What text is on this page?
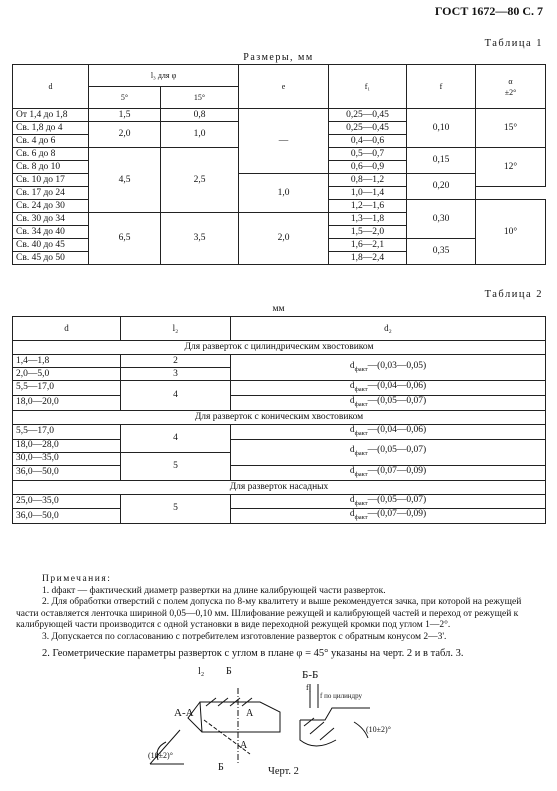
ГОСТ 1672—80 С. 7
Таблица 1
Размеры, мм
d	l₃ для φ		e	f₁	f	α
±2°
	5°	15°				
От 1,4 до 1,8	1,5	0,8	—	0,25—0,45	0,10	15°
Св. 1,8 до 4	2,0	1,0		0,25—0,45		
Св. 4 до 6				0,4—0,6		
Св. 6 до 8	4,5	2,5		0,5—0,7	0,15	12°
Св. 8 до 10				0,6—0,9		
Св. 10 до 17			1,0	0,8—1,2	0,20	
Св. 17 до 24				1,0—1,4		
Св. 24 до 30				1,2—1,6	0,30	10°
Св. 30 до 34	6,5	3,5	2,0	1,3—1,8		
Св. 34 до 40				1,5—2,0		
Св. 40 до 45				1,6—2,1	0,35	
Св. 45 до 50				1,8—2,4		
Таблица 2
мм
d	l₂	d₂
Для разверток с цилиндрическим хвостовиком		
1,4—1,8	2	$d_{факт}—(0,03—0,05)$
2,0—5,0	3	
5,5—17,0	4	$d_{факт}—(0,04—0,06)$
18,0—20,0		$d_{факт}—(0,05—0,07)$
Для разверток с коническим хвостовиком		
5,5—17,0	4	$d_{факт}—(0,04—0,06)$
18,0—28,0		$d_{факт}—(0,05—0,07)$
30,0—35,0	5	
36,0—50,0		$d_{факт}—(0,07—0,09)$
Для разверток насадных		
25,0—35,0	5	$d_{факт}—(0,05—0,07)$
36,0—50,0		$d_{факт}—(0,07—0,09)$

Примечания:

1. dфакт — фактический диаметр развертки на длине калибрующей части разверток.

2. Для обработки отверстий с полем допуска по 8-му квалитету и выше рекомендуется зачка, при которой на режущей части оставляется ленточка шириной 0,05—0,10 мм. Шлифование режущей и калибрующей частей и переход от режущей к калибрующей части производится с одной установки в виде переходной режущей кромки под углом 1—2°.

3. Допускается по согласованию с потребителем изготовление разверток с обратным конусом 2—3'.

2. Геометрические параметры разверток с углом в плане φ = 45° указаны на черт. 2 и в табл. 3.
А-А
l₂ Б
А
А
Б
(10±2)°
Б-Б
f₁
f по цилиндру
(10±2)°
Черт. 2
